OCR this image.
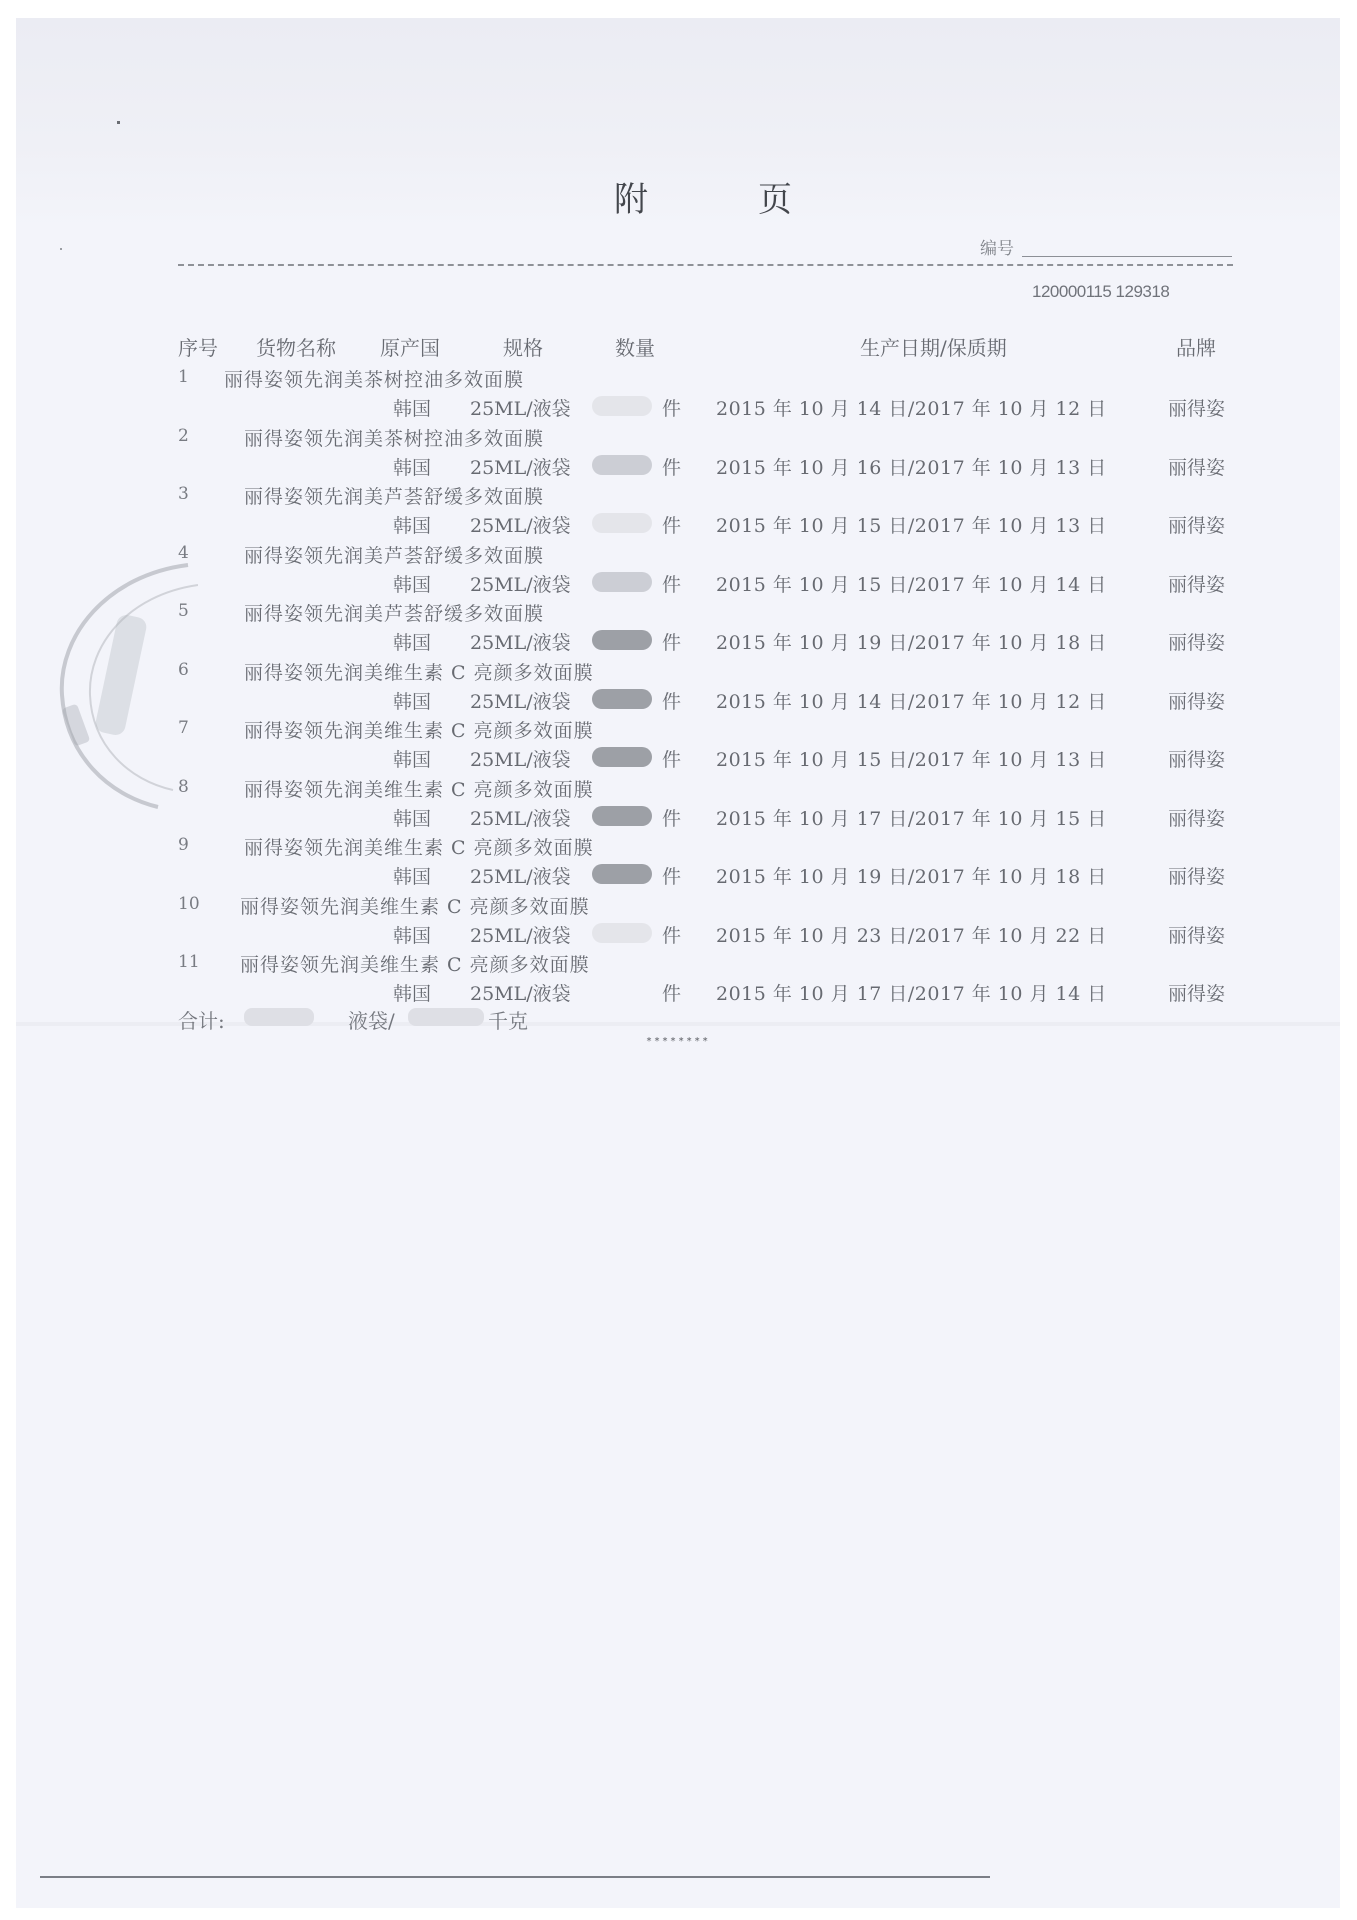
附	页
编号
120000115 129318
序号 货物名称 原产国	规格	数量	生产日期/保质期	品牌
1 丽得姿领先润美茶树控油多效面膜
韩国 25ML/液袋	件 2015 年 10 月 14 日/2017 年 10 月 12 日	丽得姿
2	丽得姿领先润美茶树控油多效面膜
韩国 25ML/液袋	件 2015 年 10 月 16 日/2017 年 10 月 13 日	丽得姿
3	丽得姿领先润美芦荟舒缓多效面膜
韩国 25ML/液袋	件 2015 年 10 月 15 日/2017 年 10 月 13 日	丽得姿
4	丽得姿领先润美芦荟舒缓多效面膜
韩国 25ML/液袋	件 2015 年 10 月 15 日/2017 年 10 月 14 日	丽得姿
5	丽得姿领先润美芦荟舒缓多效面膜
韩国 25ML/液袋	件 2015 年 10 月 19 日/2017 年 10 月 18 日	丽得姿
6	丽得姿领先润美维生素 C 亮颜多效面膜
韩国 25ML/液袋	件 2015 年 10 月 14 日/2017 年 10 月 12 日	丽得姿
7	丽得姿领先润美维生素 C 亮颜多效面膜
韩国 25ML/液袋	件 2015 年 10 月 15 日/2017 年 10 月 13 日	丽得姿
8	丽得姿领先润美维生素 C 亮颜多效面膜
韩国 25ML/液袋	件 2015 年 10 月 17 日/2017 年 10 月 15 日	丽得姿
9	丽得姿领先润美维生素 C 亮颜多效面膜
韩国 25ML/液袋	件 2015 年 10 月 19 日/2017 年 10 月 18 日	丽得姿
10 丽得姿领先润美维生素 C 亮颜多效面膜
韩国 25ML/液袋	件 2015 年 10 月 23 日/2017 年 10 月 22 日	丽得姿
11 丽得姿领先润美维生素 C 亮颜多效面膜
韩国 25ML/液袋	件 2015 年 10 月 17 日/2017 年 10 月 14 日	丽得姿
合计:	液袋/	千克
********
